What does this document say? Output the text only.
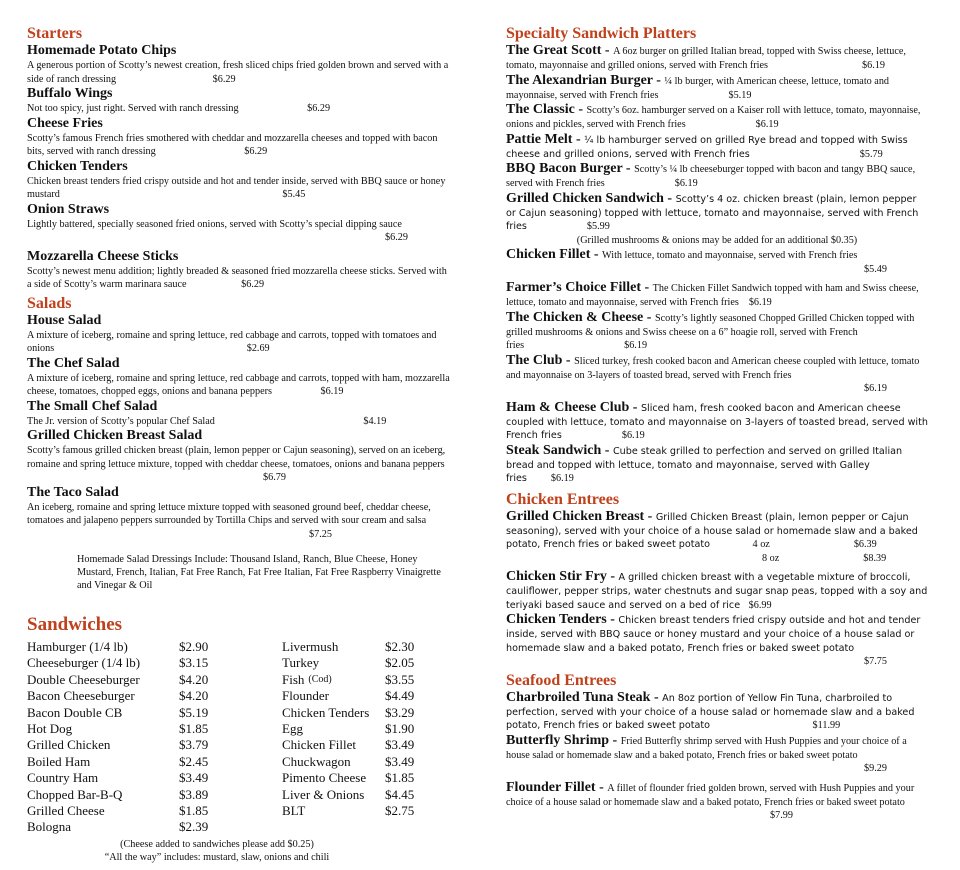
Starters
Homemade Potato Chips
A generous portion of Scotty’s newest creation, fresh sliced chips fried golden brown and served with a side of ranch dressing	$6.29
Buffalo Wings
Not too spicy, just right. Served with ranch dressing	$6.29
Cheese Fries
Scotty’s famous French fries smothered with cheddar and mozzarella cheeses and topped with bacon bits, served with ranch dressing	$6.29
Chicken Tenders
Chicken breast tenders fried crispy outside and hot and tender inside, served with BBQ sauce or honey mustard	$5.45
Onion Straws
Lightly battered, specially seasoned fried onions, served with Scotty’s special dipping sauce
$6.29
Mozzarella Cheese Sticks
Scotty’s newest menu addition; lightly breaded & seasoned fried mozzarella cheese sticks. Served with a side of Scotty’s warm marinara sauce	$6.29
Salads
House Salad
A mixture of iceberg, romaine and spring lettuce, red cabbage and carrots, topped with tomatoes and onions	$2.69
The Chef Salad
A mixture of iceberg, romaine and spring lettuce, red cabbage and carrots, topped with ham, mozzarella cheese, tomatoes, chopped eggs, onions and banana peppers	$6.19
The Small Chef Salad
The Jr. version of Scotty’s popular Chef Salad	$4.19
Grilled Chicken Breast Salad
Scotty’s famous grilled chicken breast (plain, lemon pepper or Cajun seasoning), served on an iceberg, romaine and spring lettuce mixture, topped with cheddar cheese, tomatoes, onions and banana peppers $6.79
The Taco Salad
An iceberg, romaine and spring lettuce mixture topped with seasoned ground beef, cheddar cheese, tomatoes and jalapeno peppers surrounded by Tortilla Chips and served with sour cream and salsa $7.25
Homemade Salad Dressings Include: Thousand Island, Ranch, Blue Cheese, Honey Mustard, French, Italian, Fat Free Ranch, Fat Free Italian, Fat Free Raspberry Vinaigrette and Vinegar & Oil
Sandwiches
Hamburger (1/4 lb)	$2.90
Cheeseburger (1/4 lb)	$3.15
Double Cheeseburger	$4.20
Bacon Cheeseburger	$4.20
Bacon Double CB	$5.19
Hot Dog	$1.85
Grilled Chicken	$3.79
Boiled Ham	$2.45
Country Ham	$3.49
Chopped Bar-B-Q	$3.89
Grilled Cheese	$1.85
Bologna	$2.39
Livermush	$2.30
Turkey	$2.05
Fish (Cod)	$3.55
Flounder	$4.49
Chicken Tenders	$3.29
Egg	$1.90
Chicken Fillet	$3.49
Chuckwagon	$3.49
Pimento Cheese	$1.85
Liver & Onions	$4.45
BLT	$2.75
(Cheese added to sandwiches please add $0.25)
“All the way” includes: mustard, slaw, onions and chili
Specialty Sandwich Platters
The Great Scott - A 6oz burger on grilled Italian bread, topped with Swiss cheese, lettuce, tomato, mayonnaise and grilled onions, served with French fries	$6.19
The Alexandrian Burger - ¼ lb burger, with American cheese, lettuce, tomato and mayonnaise, served with French fries	$5.19
The Classic - Scotty’s 6oz. hamburger served on a Kaiser roll with lettuce, tomato, mayonnaise, onions and pickles, served with French fries	$6.19
Pattie Melt - ¼ lb hamburger served on grilled Rye bread and topped with Swiss cheese and grilled onions, served with French fries	$5.79
BBQ Bacon Burger - Scotty’s ¼ lb cheeseburger topped with bacon and tangy BBQ sauce, served with French fries	$6.19
Grilled Chicken Sandwich - Scotty’s 4 oz. chicken breast (plain, lemon pepper or Cajun seasoning) topped with lettuce, tomato and mayonnaise, served with French fries	$5.99
(Grilled mushrooms & onions may be added for an additional $0.35)
Chicken Fillet - With lettuce, tomato and mayonnaise, served with French fries
$5.49
Farmer’s Choice Fillet - The Chicken Fillet Sandwich topped with ham and Swiss cheese, lettuce, tomato and mayonnaise, served with French fries $6.19
The Chicken & Cheese - Scotty’s lightly seasoned Chopped Grilled Chicken topped with grilled mushrooms & onions and Swiss cheese on a 6” hoagie roll, served with French fries	$6.19
The Club - Sliced turkey, fresh cooked bacon and American cheese coupled with lettuce, tomato and mayonnaise on 3-layers of toasted bread, served with French fries
$6.19
Ham & Cheese Club - Sliced ham, fresh cooked bacon and American cheese coupled with lettuce, tomato and mayonnaise on 3-layers of toasted bread, served with French fries	$6.19
Steak Sandwich - Cube steak grilled to perfection and served on grilled Italian bread and topped with lettuce, tomato and mayonnaise, served with Galley fries $6.19
Chicken Entrees
Grilled Chicken Breast - Grilled Chicken Breast (plain, lemon pepper or Cajun seasoning), served with your choice of a house salad or homemade slaw and a baked potato, French fries or baked sweet potato	4 oz	$6.39
8 oz	$8.39
Chicken Stir Fry - A grilled chicken breast with a vegetable mixture of broccoli, cauliflower, pepper strips, water chestnuts and sugar snap peas, topped with a soy and teriyaki based sauce and served on a bed of rice $6.99
Chicken Tenders - Chicken breast tenders fried crispy outside and hot and tender inside, served with BBQ sauce or honey mustard and your choice of a house salad or homemade slaw and a baked potato, French fries or baked sweet potato
$7.75
Seafood Entrees
Charbroiled Tuna Steak - An 8oz portion of Yellow Fin Tuna, charbroiled to perfection, served with your choice of a house salad or homemade slaw and a baked potato, French fries or baked sweet potato	$11.99
Butterfly Shrimp - Fried Butterfly shrimp served with Hush Puppies and your choice of a house salad or homemade slaw and a baked potato, French fries or baked sweet potato
$9.29
Flounder Fillet - A fillet of flounder fried golden brown, served with Hush Puppies and your choice of a house salad or homemade slaw and a baked potato, French fries or baked sweet potato $7.99
